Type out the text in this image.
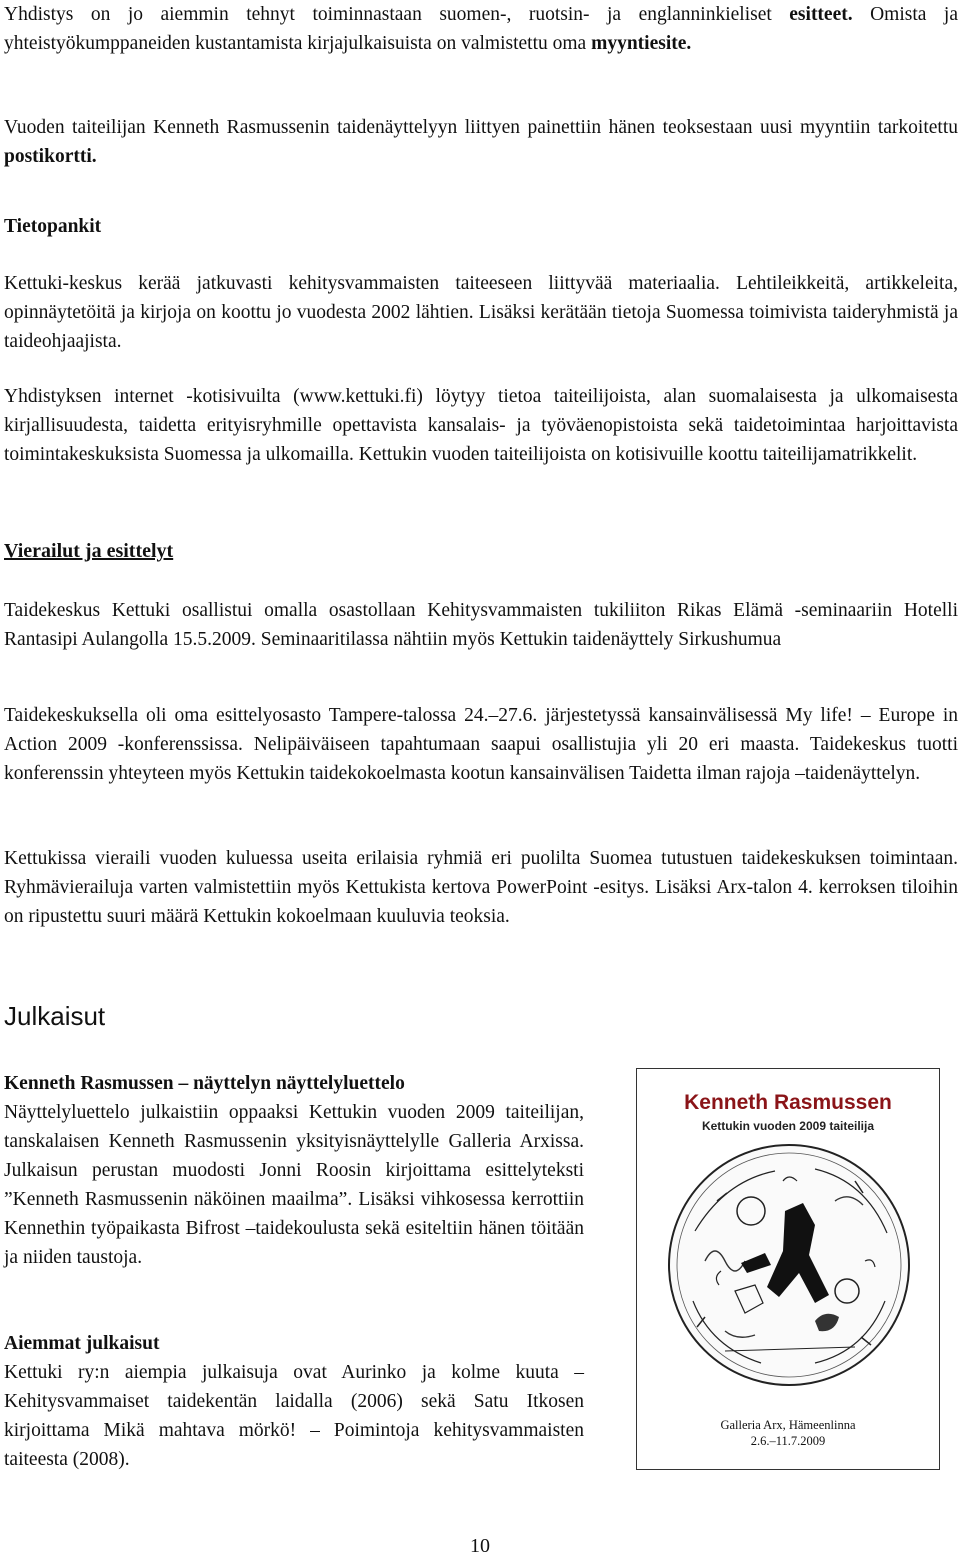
Yhdistys on jo aiemmin tehnyt toiminnastaan suomen-, ruotsin- ja englanninkieliset esitteet. Omista ja yhteistyökumppaneiden kustantamista kirjajulkaisuista on valmistettu oma myyntiesite.

Vuoden taiteilijan Kenneth Rasmussenin taidenäyttelyyn liittyen painettiin hänen teoksestaan uusi myyntiin tarkoitettu postikortti.

Tietopankit

Kettuki-keskus kerää jatkuvasti kehitysvammaisten taiteeseen liittyvää materiaalia. Lehtileikkeitä, artikkeleita, opinnäytetöitä ja kirjoja on koottu jo vuodesta 2002 lähtien. Lisäksi kerätään tietoja Suomessa toimivista taideryhmistä ja taideohjaajista.

Yhdistyksen internet -kotisivuilta (www.kettuki.fi) löytyy tietoa taiteilijoista, alan suomalaisesta ja ulkomaisesta kirjallisuudesta, taidetta erityisryhmille opettavista kansalais- ja työväenopistoista sekä taidetoimintaa harjoittavista toimintakeskuksista Suomessa ja ulkomailla. Kettukin vuoden taiteilijoista on kotisivuille koottu taiteilijamatrikkelit.

Vierailut ja esittelyt

Taidekeskus Kettuki osallistui omalla osastollaan Kehitysvammaisten tukiliiton Rikas Elämä -seminaariin Hotelli Rantasipi Aulangolla 15.5.2009. Seminaaritilassa nähtiin myös Kettukin taidenäyttely Sirkushumua

Taidekeskuksella oli oma esittelyosasto Tampere-talossa 24.–27.6. järjestetyssä kansainvälisessä My life! – Europe in Action 2009 -konferenssissa. Nelipäiväiseen tapahtumaan saapui osallistujia yli 20 eri maasta. Taidekeskus tuotti konferenssin yhteyteen myös Kettukin taidekokoelmasta kootun kansainvälisen Taidetta ilman rajoja –taidenäyttelyn.

Kettukissa vieraili vuoden kuluessa useita erilaisia ryhmiä eri puolilta Suomea tutustuen taidekeskuksen toimintaan. Ryhmävierailuja varten valmistettiin myös Kettukista kertova PowerPoint -esitys. Lisäksi Arx-talon 4. kerroksen tiloihin on ripustettu suuri määrä Kettukin kokoelmaan kuuluvia teoksia.

Julkaisut

Kenneth Rasmussen – näyttelyn näyttelyluettelo

Näyttelyluettelo julkaistiin oppaaksi Kettukin vuoden 2009 taiteilijan, tanskalaisen Kenneth Rasmussenin yksityisnäyttelylle Galleria Arxissa. Julkaisun perustan muodosti Jonni Roosin kirjoittama esittelyteksti ”Kenneth Rasmussenin näköinen maailma”. Lisäksi vihkosessa kerrottiin Kennethin työpaikasta Bifrost –taidekoulusta sekä esiteltiin hänen töitään ja niiden taustoja.

Aiemmat julkaisut

Kettuki ry:n aiempia julkaisuja ovat Aurinko ja kolme kuuta – Kehitysvammaiset taidekentän laidalla (2006) sekä Satu Itkosen kirjoittama Mikä mahtava mörkö! – Poimintoja kehitysvammaisten taiteesta (2008).

Kenneth Rasmussen
Kettukin vuoden 2009 taiteilija
Galleria Arx, Hämeenlinna
2.6.–11.7.2009
10
